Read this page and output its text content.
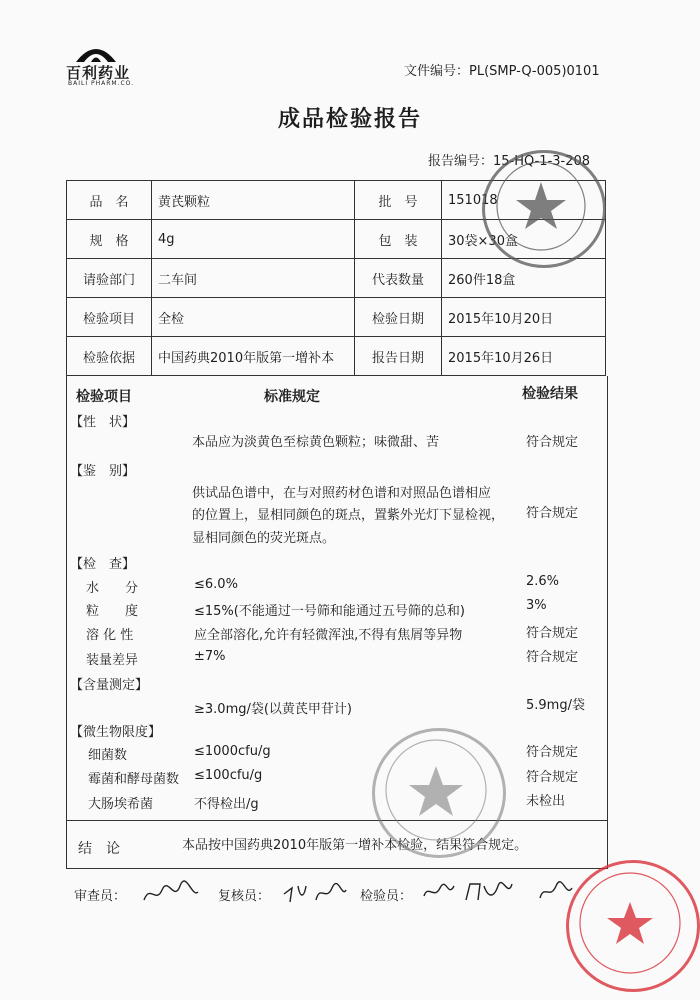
百利药业
BAILI PHARM.CO.
文件编号：PL(SMP-Q-005)0101
成品检验报告
报告编号：15-HQ-1-3-208
品　名	黄芪颗粒	批　号	151018
规　格	4g	包　装	30袋×30盒
请验部门	二车间	代表数量	260件18盒
检验项目	全检	检验日期	2015年10月20日
检验依据	中国药典2010年版第一增补本	报告日期	2015年10月26日
检验项目	标准规定	检验结果
【性　状】
本品应为淡黄色至棕黄色颗粒；味微甜、苦	符合规定
【鉴　别】
供试品色谱中，在与对照药材色谱和对照品色谱相应
的位置上，显相同颜色的斑点，置紫外光灯下显检视，
显相同颜色的荧光斑点。
符合规定
【检　查】
水　　分	≤6.0%	2.6%
粒　　度	≤15%(不能通过一号筛和能通过五号筛的总和)	3%
溶 化 性	应全部溶化,允许有轻微浑浊,不得有焦屑等异物	符合规定
装量差异	±7%	符合规定
【含量测定】
≥3.0mg/袋(以黄芪甲苷计)	5.9mg/袋
【微生物限度】
细菌数	≤1000cfu/g	符合规定
霉菌和酵母菌数 ≤100cfu/g	符合规定
大肠埃希菌	不得检出/g	未检出
结　论	本品按中国药典2010年版第一增补本检验，结果符合规定。
审查员：	复核员：	检验员：
